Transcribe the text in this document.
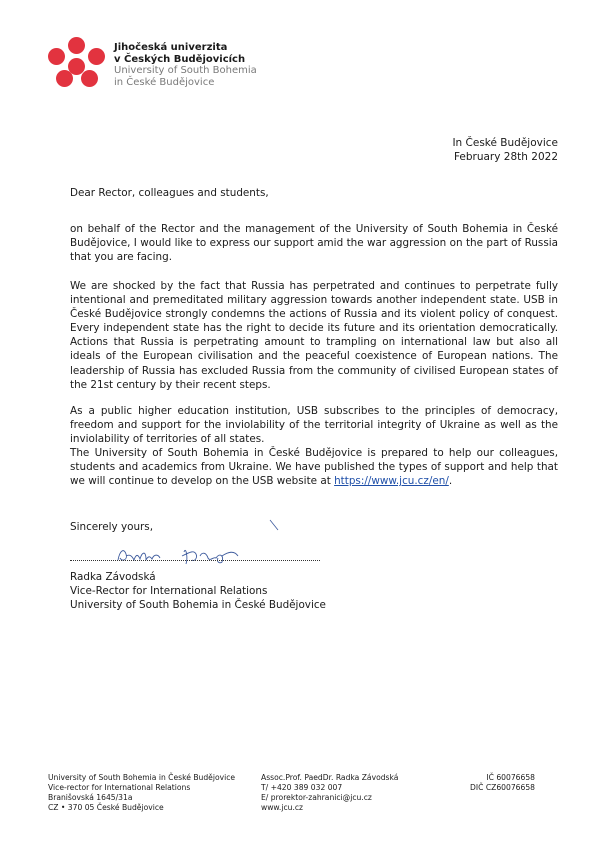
Jihočeská univerzita
v Českých Budějovicích
University of South Bohemia
in České Budějovice
In České Budějovice
February 28th 2022
Dear Rector, colleagues and students,

on behalf of the Rector and the management of the University of South Bohemia in České Budějovice, I would like to express our support amid the war aggression on the part of Russia that you are facing.

We are shocked by the fact that Russia has perpetrated and continues to perpetrate fully intentional and premeditated military aggression towards another independent state. USB in České Budějovice strongly condemns the actions of Russia and its violent policy of conquest. Every independent state has the right to decide its future and its orientation democratically. Actions that Russia is perpetrating amount to trampling on international law but also all ideals of the European civilisation and the peaceful coexistence of European nations. The leadership of Russia has excluded Russia from the community of civilised European states of the 21st century by their recent steps.

As a public higher education institution, USB subscribes to the principles of democracy, freedom and support for the inviolability of the territorial integrity of Ukraine as well as the inviolability of territories of all states.
The University of South Bohemia in České Budějovice is prepared to help our colleagues, students and academics from Ukraine. We have published the types of support and help that we will continue to develop on the USB website at https://www.jcu.cz/en/.
Sincerely yours,
Radka Závodská
Vice-Rector for International Relations
University of South Bohemia in České Budějovice
University of South Bohemia in České Budějovice
Vice-rector for International Relations
Branišovská 1645/31a
CZ • 370 05 České Budějovice
Assoc.Prof. PaedDr. Radka Závodská
T/ +420 389 032 007
E/ prorektor-zahranici@jcu.cz
www.jcu.cz
IČ 60076658
DIČ CZ60076658
